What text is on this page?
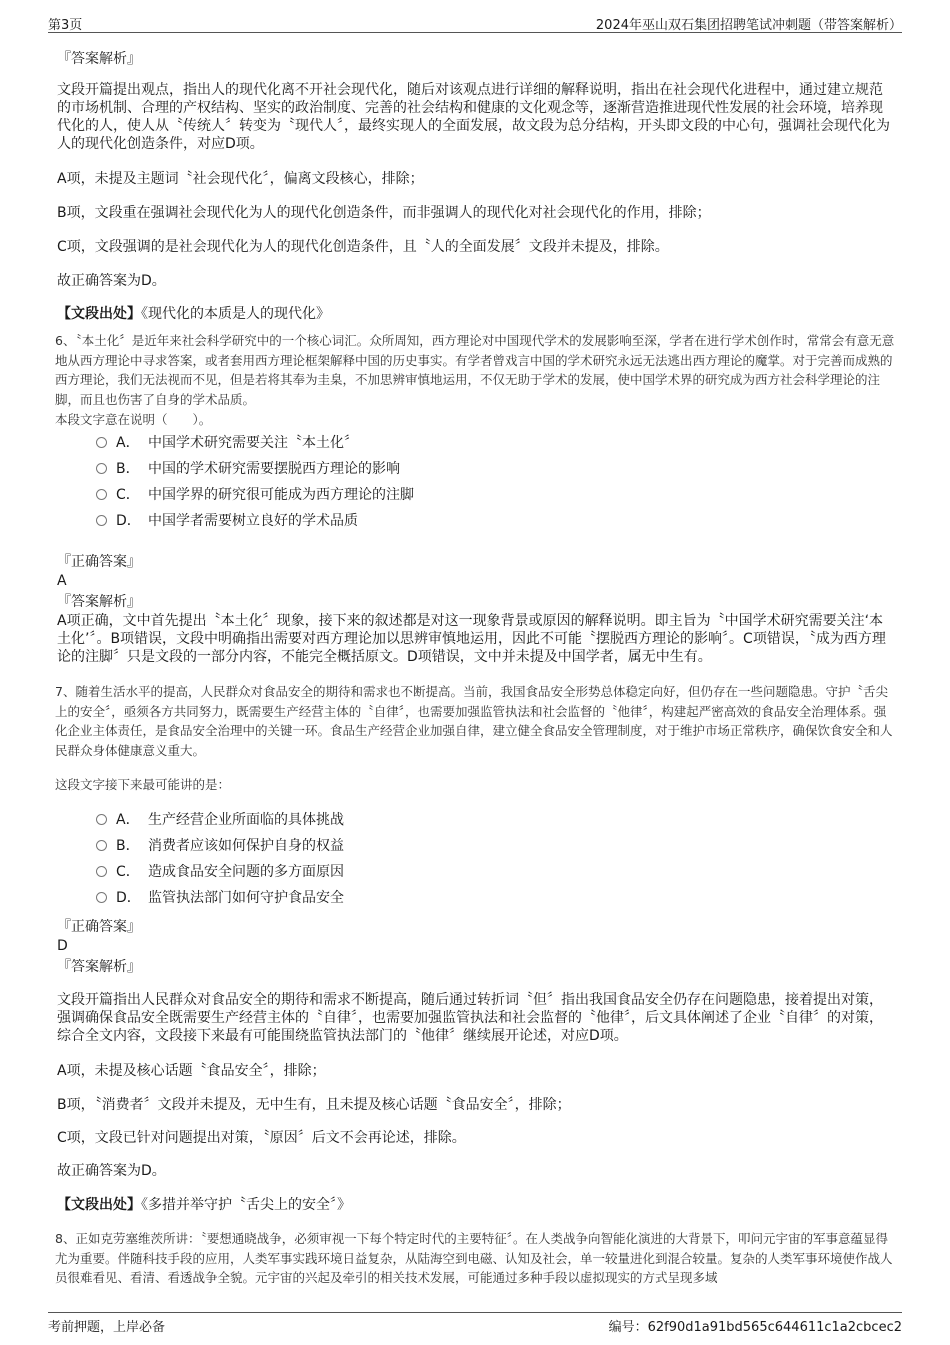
第3页	2024年巫山双石集团招聘笔试冲刺题（带答案解析）
『答案解析』
文段开篇提出观点，指出人的现代化离不开社会现代化，随后对该观点进行详细的解释说明，指出在社会现代化进程中，通过建立规范的市场机制、合理的产权结构、坚实的政治制度、完善的社会结构和健康的文化观念等，逐渐营造推进现代性发展的社会环境，培养现代化的人，使人从〝传统人〞转变为〝现代人〞，最终实现人的全面发展，故文段为总分结构，开头即文段的中心句，强调社会现代化为人的现代化创造条件，对应D项。
A项，未提及主题词〝社会现代化〞，偏离文段核心，排除；
B项，文段重在强调社会现代化为人的现代化创造条件，而非强调人的现代化对社会现代化的作用，排除；
C项，文段强调的是社会现代化为人的现代化创造条件，且〝人的全面发展〞文段并未提及，排除。
故正确答案为D。
【文段出处】《现代化的本质是人的现代化》
6、〝本土化〞是近年来社会科学研究中的一个核心词汇。众所周知，西方理论对中国现代学术的发展影响至深，学者在进行学术创作时，常常会有意无意地从西方理论中寻求答案，或者套用西方理论框架解释中国的历史事实。有学者曾戏言中国的学术研究永远无法逃出西方理论的魔掌。对于完善而成熟的西方理论，我们无法视而不见，但是若将其奉为圭臬，不加思辨审慎地运用，不仅无助于学术的发展，使中国学术界的研究成为西方社会科学理论的注脚，而且也伤害了自身的学术品质。
本段文字意在说明（　　）。
A． 中国学术研究需要关注〝本土化〞
B． 中国的学术研究需要摆脱西方理论的影响
C． 中国学界的研究很可能成为西方理论的注脚
D． 中国学者需要树立良好的学术品质
『正确答案』
A
『答案解析』
A项正确，文中首先提出〝本土化〞现象，接下来的叙述都是对这一现象背景或原因的解释说明。即主旨为〝中国学术研究需要关注‘本土化’〞。B项错误，文段中明确指出需要对西方理论加以思辨审慎地运用，因此不可能〝摆脱西方理论的影响〞。C项错误，〝成为西方理论的注脚〞只是文段的一部分内容，不能完全概括原文。D项错误，文中并未提及中国学者，属无中生有。
7、随着生活水平的提高，人民群众对食品安全的期待和需求也不断提高。当前，我国食品安全形势总体稳定向好，但仍存在一些问题隐患。守护〝舌尖上的安全〞，亟须各方共同努力，既需要生产经营主体的〝自律〞，也需要加强监管执法和社会监督的〝他律〞，构建起严密高效的食品安全治理体系。强化企业主体责任，是食品安全治理中的关键一环。食品生产经营企业加强自律，建立健全食品安全管理制度，对于维护市场正常秩序，确保饮食安全和人民群众身体健康意义重大。
这段文字接下来最可能讲的是：
A． 生产经营企业所面临的具体挑战
B． 消费者应该如何保护自身的权益
C． 造成食品安全问题的多方面原因
D． 监管执法部门如何守护食品安全
『正确答案』
D
『答案解析』
文段开篇指出人民群众对食品安全的期待和需求不断提高，随后通过转折词〝但〞指出我国食品安全仍存在问题隐患，接着提出对策，强调确保食品安全既需要生产经营主体的〝自律〞，也需要加强监管执法和社会监督的〝他律〞，后文具体阐述了企业〝自律〞的对策，综合全文内容，文段接下来最有可能围绕监管执法部门的〝他律〞继续展开论述，对应D项。
A项，未提及核心话题〝食品安全〞，排除；
B项，〝消费者〞文段并未提及，无中生有，且未提及核心话题〝食品安全〞，排除；
C项，文段已针对问题提出对策，〝原因〞后文不会再论述，排除。
故正确答案为D。
【文段出处】《多措并举守护〝舌尖上的安全〞》
8、正如克劳塞维茨所讲：〝要想通晓战争，必须审视一下每个特定时代的主要特征〞。在人类战争向智能化演进的大背景下，叩问元宇宙的军事意蕴显得尤为重要。伴随科技手段的应用，人类军事实践环境日益复杂，从陆海空到电磁、认知及社会，单一较量进化到混合较量。复杂的人类军事环境使作战人员很难看见、看清、看透战争全貌。元宇宙的兴起及牵引的相关技术发展，可能通过多种手段以虚拟现实的方式呈现多域
考前押题，上岸必备	编号：62f90d1a91bd565c644611c1a2cbcec2
